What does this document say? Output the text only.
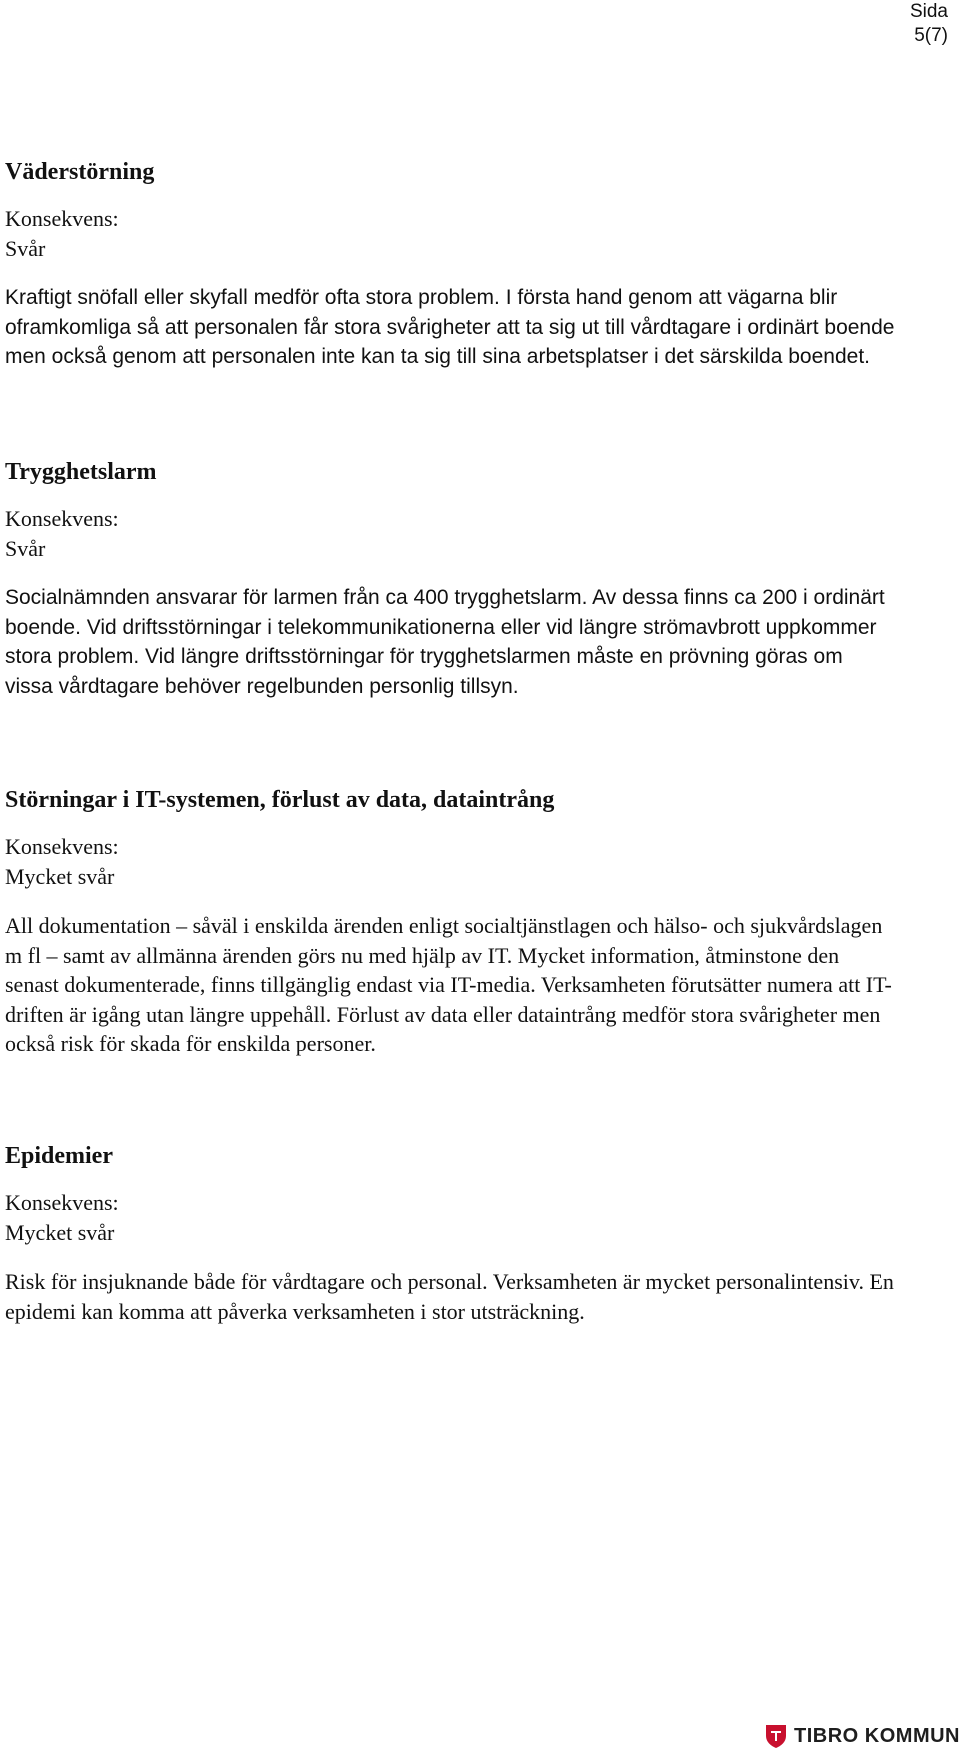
Sida
5(7)
Väderstörning

Konsekvens:

Svår

Kraftigt snöfall eller skyfall medför ofta stora problem. I första hand genom att vägarna blir oframkomliga så att personalen får stora svårigheter att ta sig ut till vårdtagare i ordinärt boende men också genom att personalen inte kan ta sig till sina arbetsplatser i det särskilda boendet.

Trygghetslarm

Konsekvens:

Svår

Socialnämnden ansvarar för larmen från ca 400 trygghetslarm. Av dessa finns ca 200 i ordinärt boende. Vid driftsstörningar i telekommunikationerna eller vid längre strömavbrott uppkommer stora problem. Vid längre driftsstörningar för trygghetslarmen måste en prövning göras om vissa vårdtagare behöver regelbunden personlig tillsyn.

Störningar i IT-systemen, förlust av data, dataintrång

Konsekvens:

Mycket svår

All dokumentation – såväl i enskilda ärenden enligt socialtjänstlagen och hälso- och sjukvårdslagen m fl – samt av allmänna ärenden görs nu med hjälp av IT. Mycket information, åtminstone den senast dokumenterade, finns tillgänglig endast via IT-media. Verksamheten förutsätter numera att IT-driften är igång utan längre uppehåll. Förlust av data eller dataintrång medför stora svårigheter men också risk för skada för enskilda personer.

Epidemier

Konsekvens:

Mycket svår

Risk för insjuknande både för vårdtagare och personal. Verksamheten är mycket personalintensiv. En epidemi kan komma att påverka verksamheten i stor utsträckning.

TIBRO KOMMUN
